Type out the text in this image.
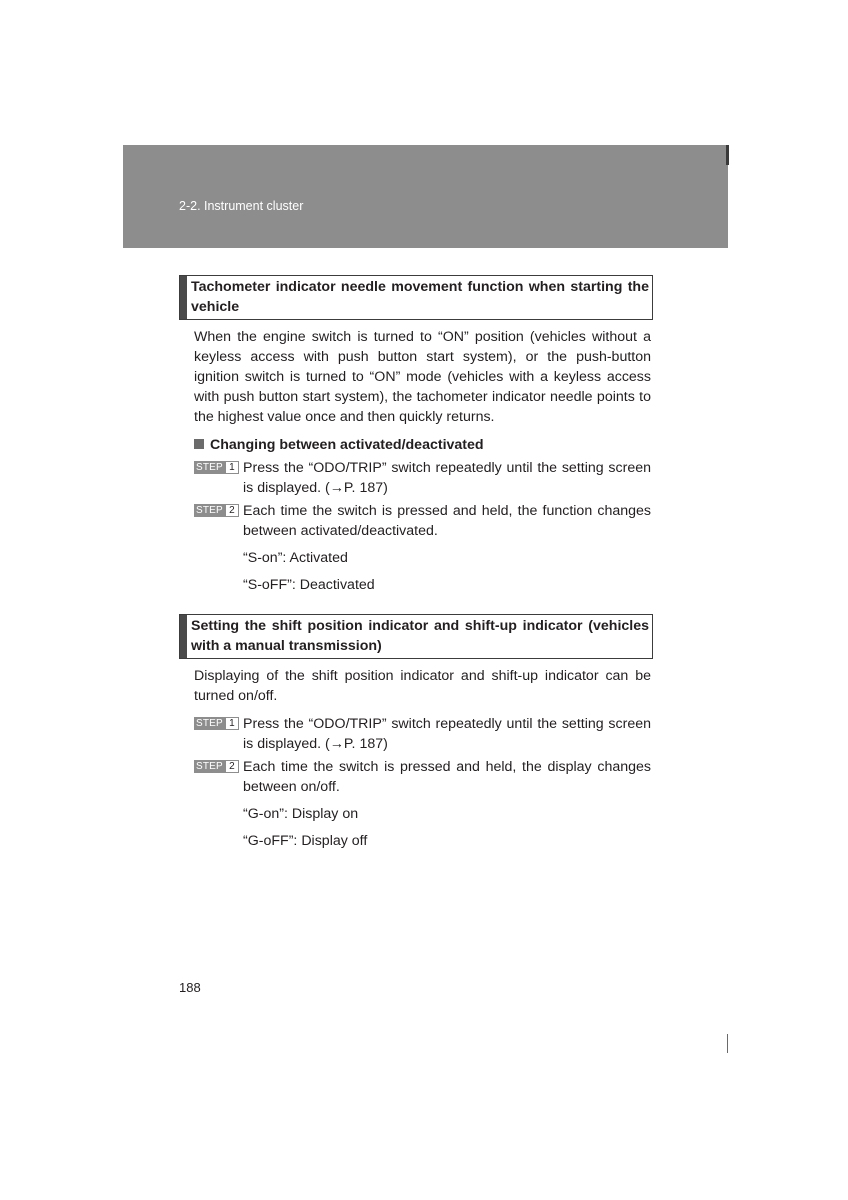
2-2. Instrument cluster
Tachometer indicator needle movement function when starting the vehicle

When the engine switch is turned to “ON” position (vehicles without a keyless access with push button start system), or the push-button ignition switch is turned to “ON” mode (vehicles with a keyless access with push button start system), the tachometer indicator needle points to the highest value once and then quickly returns.

Changing between activated/deactivated
STEP 1 Press the “ODO/TRIP” switch repeatedly until the setting screen is displayed. (→P. 187)
STEP 2 Each time the switch is pressed and held, the function changes between activated/deactivated.
“S-on”: Activated
“S-oFF”: Deactivated
Setting the shift position indicator and shift-up indicator (vehicles with a manual transmission)

Displaying of the shift position indicator and shift-up indicator can be turned on/off.

STEP 1 Press the “ODO/TRIP” switch repeatedly until the setting screen is displayed. (→P. 187)
STEP 2 Each time the switch is pressed and held, the display changes between on/off.
“G-on”: Display on
“G-oFF”: Display off
188
